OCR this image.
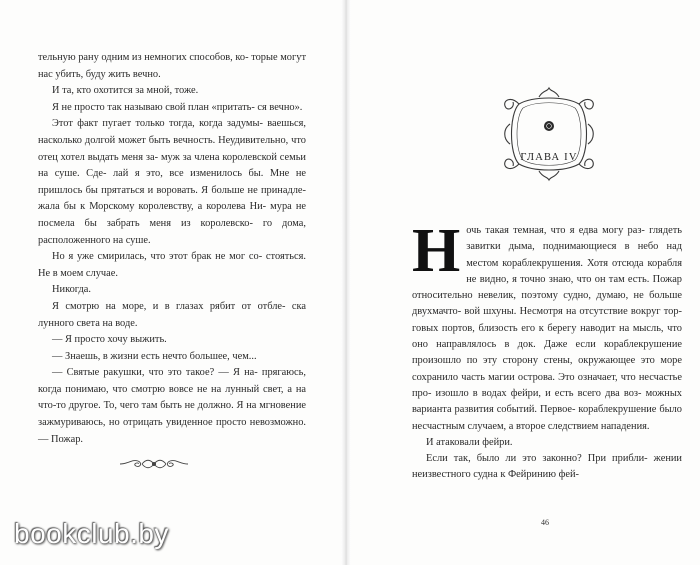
тельную рану одним из немногих способов, ко- торые могут нас убить, буду жить вечно.

И та, кто охотится за мной, тоже.

Я не просто так называю свой план «притать- ся вечно».

Этот факт пугает только тогда, когда задумы- ваешься, насколько долгой может быть вечность. Неудивительно, что отец хотел выдать меня за- муж за члена королевской семьи на суше. Сде- лай я это, все изменилось бы. Мне не пришлось бы прятаться и воровать. Я больше не принадле- жала бы к Морскому королевству, а королева Ни- мура не посмела бы забрать меня из королевско- го дома, расположенного на суше.

Но я уже смирилась, что этот брак не мог со- стояться. Не в моем случае.

Никогда.

Я смотрю на море, и в глазах рябит от отбле- ска лунного света на воде.

— Я просто хочу выжить.

— Знаешь, в жизни есть нечто большее, чем...

— Святые ракушки, что это такое? — Я на- прягаюсь, когда понимаю, что смотрю вовсе не на лунный свет, а на что-то другое. То, чего там быть не должно. Я на мгновение зажмуриваюсь, но отрицать увиденное просто невозможно. — Пожар.

bookclub.by
ГЛАВА IV

Ночь такая темная, что я едва могу раз- глядеть завитки дыма, поднимающиеся в небо над местом кораблекрушения. Хотя отсюда корабля не видно, я точно знаю, что он там есть. Пожар относительно невелик, поэтому судно, думаю, не больше двухмачто- вой шхуны. Несмотря на отсутствие вокруг тор- говых портов, близость его к берегу наводит на мысль, что оно направлялось в док. Даже если кораблекрушение произошло по эту сторону стены, окружающее это море сохранило часть магии острова. Это означает, что несчастье про- изошло в водах фейри, и есть всего два воз- можных варианта развития событий. Первое- кораблекрушение было несчастным случаем, а второе следствием нападения.

И атаковали фейри.

Если так, было ли это законно? При прибли- жении неизвестного судна к Фейринию фей-

46
